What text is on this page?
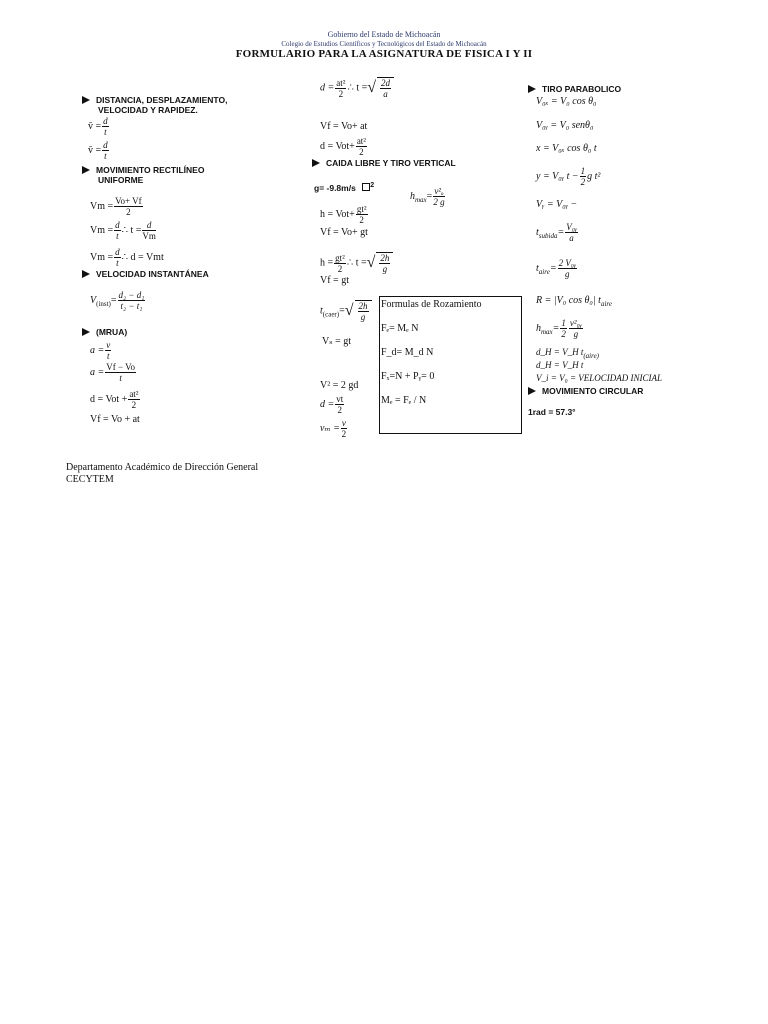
Gobierno del Estado de Michoacán
Colegio de Estudios Científicos y Tecnológicos del Estado de Michoacán
FORMULARIO PARA LA ASIGNATURA DE FISICA I Y II
DISTANCIA, DESPLAZAMIENTO,
VELOCIDAD Y RAPIDEZ.
v̄ = $\frac{d}{t}$
v̄ = $\frac{d}{t}$
MOVIMIENTO RECTILÍNEO
UNIFORME
$Vm = \frac{Vo+ Vf}{2}$
$Vm = \frac{d}{t}$ ∴ $t = \frac{d}{Vm}$
$Vm = \frac{d}{t}$ ∴ d = Vmt
VELOCIDAD INSTANTÁNEA
$V_{(inst)}= \frac{\text{d₂ − d₁}}{\text{t₂ − t₁}}$
(MRUA)
$a = \frac{v}{t}$
$a = \frac{Vf - Vo}{t}$
d = Vot + $\frac{\text{at²}}{2}$
Vf = Vo + at
$d = \frac{\text{at²}}{2}$ ∴ t =√ $\frac{2d}{a}$
Vf = Vo+ at
$d = Vot+ \frac{\text{at²}}{2}$
CAIDA LIBRE Y TIRO VERTICAL
g= -9.8m/s $^2$
$h_{max}= \frac{\text{v²ₒ}}{2 g}$
$h = Vot+ \frac{\text{gt²}}{2}$
Vf = Vo+ gt
$h = \frac{\text{gt²}}{2}$ ∴ t =√ $\frac{2h}{g}$
Vf = gt
$t_{(caer)}=√ \frac{2h}{g}$
Vₛ = gt
V² = 2 gd
$d = \frac{vt}{2}$
$v_m = \frac{v}{2}$
Formulas de Rozamiento
Fₑ= Mₑ N
F_d= M_d N
Fₓ=N + Pᵧ= 0
Mₑ = Fₑ / N
TIRO PARABOLICO
V₀ₓ = V₀ cos θ₀
V₀ᵧ = V₀ senθ₀
x = V₀ₓ cos θ₀ t
y = V₀ᵧ $t - \frac{1}{2}$ g t²
Vᵧ = V₀ᵧ −
$t_{subida}= \frac{\text{V₀ᵧ}}{a}$
$t_{aire}= \frac{\text{2 V₀ᵧ}}{g}$
R = |V₀ cos θ₀| $t_{aire}$
$h_{max}= \frac{1}{2} \frac{\text{v²₀ᵧ}}{g}$
d_H = V_H $t_{(aire)}$
d_H = V_H t
V_i = V₀ = VELOCIDAD INICIAL
MOVIMIENTO CIRCULAR
1rad = 57.3°
Departamento Académico de Dirección General
CECYTEM
